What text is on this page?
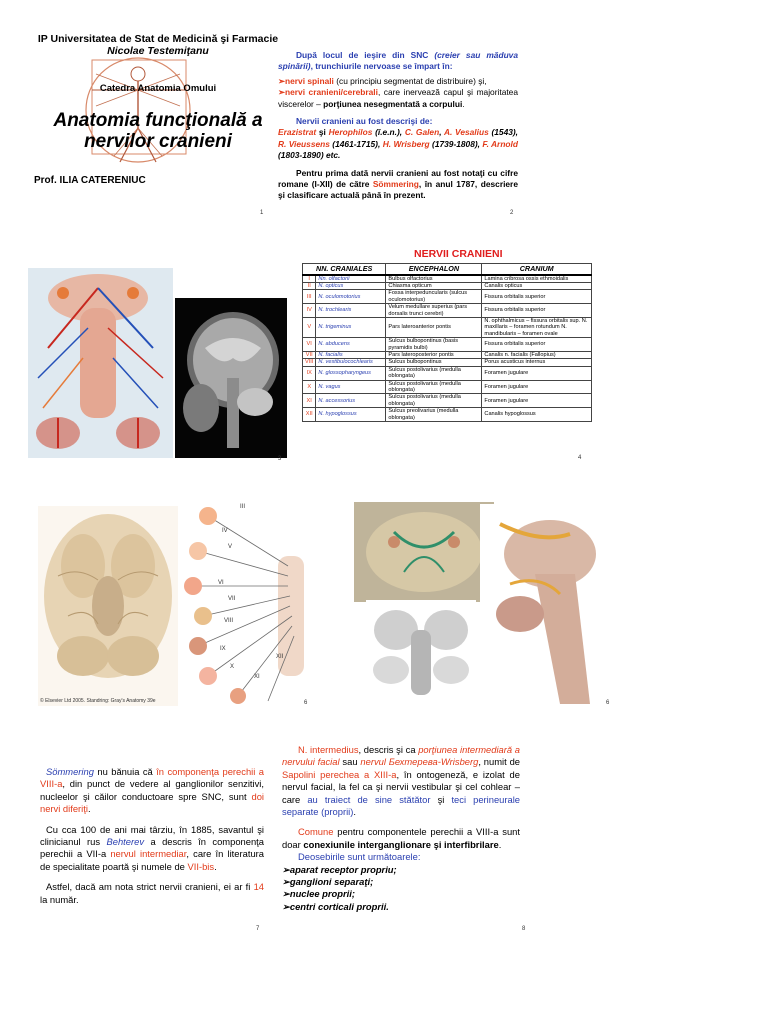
IP Universitatea de Stat de Medicină şi Farmacie
Nicolae Testemiţanu
Catedra Anatomia Omului
Anatomia funcţională a
nervilor cranieni
Prof. ILIA CATERENIUC
1

După locul de ieşire din SNC (creier sau măduva spinării), trunchiurile nervoase se împart în:

➢nervi spinali (cu principiu segmentat de distribuire) şi,

➢nervi cranieni/cerebrali, care inervează capul şi majoritatea viscerelor – porţiunea nesegmentată a corpului.

Nervii cranieni au fost descrişi de:
Erazistrat şi Herophilos (î.e.n.), C. Galen, A. Vesalius (1543), R. Vieussens (1461-1715), H. Wrisberg (1739-1808), F. Arnold (1803-1890) etc.

Pentru prima dată nervii cranieni au fost notaţi cu cifre romane (I-XII) de către Sömmering, în anul 1787, descriere şi clasificare actuală până în prezent.

2
3
NERVII CRANIENI
NN. CRANIALES		ENCEPHALON	CRANIUM
I	Nn. olfactorii	Bulbus olfactorius	Lamina cribrosa ossis ethmoidalis
II	N. opticus	Chiasma opticum	Canalis opticus
III	N. oculomotorius	Fossa interpeduncularis (sulcus oculomotorius)	Fissura orbitalis superior
IV	N. trochlearis	Velum medullare superius (pars dorsalis trunci cerebri)	Fissura orbitalis superior
V	N. trigeminus	Pars lateroanterior pontis	N. ophthalmicus – fissura orbitalis sup. N. maxillaris – foramen rotundum N. mandibularis – foramen ovale
VI	N. abducens	Sulcus bulbopontinus (basis pyramidis bulbi)	Fissura orbitalis superior
VII	N. facialis	Pars lateroposterior pontis	Canalis n. facialis (Fallopius)
VIII	N. vestibulocochlearis	Sulcus bulbopontinus	Porus acusticus internus
IX	N. glossopharyngeus	Sulcus postolivarius (medulla oblongata)	Foramen jugulare
X	N. vagus	Sulcus postolivarius (medulla oblongata)	Foramen jugulare
XI	N. accessorius	Sulcus postolivarius (medulla oblongata)	Foramen jugulare
XII	N. hypoglossus	Sulcus preolivarius (medulla oblongata)	Canalis hypoglossus
4
© Elsevier Ltd 2005. Standring: Gray's Anatomy 39e
III
IV
V
VI
VII
VIII
IX
X
XI
XII
6	6

Sömmering nu bănuia că în componenţa perechii a VIII-a, din punct de vedere al ganglionilor senzitivi, nucleelor şi căilor conductoare spre SNC, sunt doi nervi diferiţi.

Cu cca 100 de ani mai târziu, în 1885, savantul şi clinicianul rus Behterev a descris în componenţa perechii a VII-a nervul intermediar, care în literatura de specialitate poartă şi numele de VII-bis.

Astfel, dacă am nota strict nervii cranieni, ei ar fi 14 la număr.

7

N. intermedius, descris şi ca porţiunea intermediară a nervului facial sau nervul Бехтерева-Wrisberg, numit de Sapolini perechea a XIII-a, în ontogeneză, e izolat de nervul facial, la fel ca şi nervii vestibular şi cel cohlear – care au traiect de sine stătător şi teci perineurale separate (proprii).

Comune pentru componentele perechii a VIII-a sunt doar conexiunile interganglionare şi interfibrilare.

Deosebirile sunt următoarele:

➢aparat receptor propriu;
➢ganglioni separaţi;
➢nuclee proprii;
➢centri corticali proprii.
8
